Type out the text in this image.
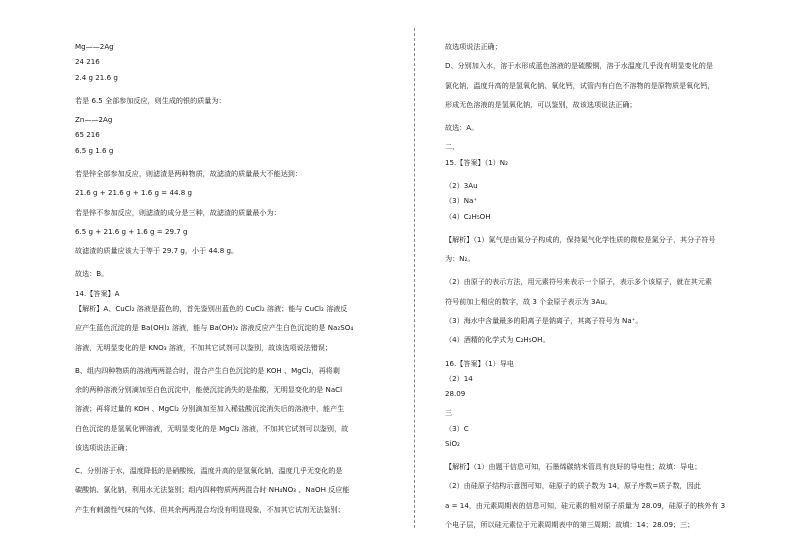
Mg——2Ag
24 216
2.4 g 21.6 g
若是 6.5 全部参加反应，则生成的银的质量为：
Zn——2Ag
65 216
6.5 g 1.6 g
若是锌全部参加反应，则滤渣是两种物质，故滤渣的质量最大不能达到：
21.6 g + 21.6 g + 1.6 g = 44.8 g
若是锌不参加反应，则滤渣的成分是三种，故滤渣的质量最小为：
6.5 g + 21.6 g + 1.6 g = 29.7 g
故滤渣的质量应该大于等于 29.7 g，小于 44.8 g。
故选：B。
14.【答案】A
【解析】A、CuCl₂ 溶液是蓝色的，首先鉴别出蓝色的 CuCl₂ 溶液；能与 CuCl₂ 溶液反
应产生蓝色沉淀的是 Ba(OH)₂ 溶液，能与 Ba(OH)₂ 溶液反应产生白色沉淀的是 Na₂SO₄
溶液，无明显变化的是 KNO₃ 溶液，不加其它试剂可以鉴别，故该选项说法错误；
B、组内四种物质的溶液两两混合时，混合产生白色沉淀的是 KOH 、MgCl₂，再将剩
余的两种溶液分别滴加至白色沉淀中，能使沉淀消失的是盐酸，无明显变化的是 NaCl
溶液；再将过量的 KOH 、MgCl₂ 分别滴加至加入稀盐酸沉淀消失后的溶液中，能产生
白色沉淀的是氢氧化钾溶液，无明显变化的是 MgCl₂ 溶液，不加其它试剂可以鉴别，故
该选项说法正确；
C、分别溶于水，温度降低的是硝酸铵，温度升高的是氢氧化钠，温度几乎无变化的是
碳酸钠、氯化钠，利用水无法鉴别；组内四种物质两两混合时 NH₄NO₃ 、NaOH 反应能
产生有刺激性气味的气体，但其余两两混合均没有明显现象，不加其它试剂无法鉴别；
故选项说法正确；
D、分别加入水，溶于水形成蓝色溶液的是硫酸铜，溶于水温度几乎没有明显变化的是
氯化钠，温度升高的是氢氧化钠、氧化钙，试管内有白色不溶物的是原物质是氧化钙，
形成无色溶液的是氢氧化钠，可以鉴别，故该选项说法正确；
故选：A。
二、
15.【答案】（1）N₂
（2）3Au
（3）Na⁺
（4）C₂H₅OH
【解析】（1）氮气是由氮分子构成的，保持氮气化学性质的微粒是氮分子，其分子符号
为：N₂。
（2）由原子的表示方法，用元素符号来表示一个原子，表示多个该原子，就在其元素
符号前加上相应的数字，故 3 个金原子表示为 3Au。
（3）海水中含量最多的阳离子是钠离子，其离子符号为 Na⁺。
（4）酒精的化学式为 C₂H₅OH。
16.【答案】（1）导电
（2）14
28.09
三
（3）C
SiO₂
【解析】（1）由题干信息可知，石墨烯碳纳米管具有良好的导电性；故填：导电；
（2）由硅原子结构示意图可知，硅原子的质子数为 14，原子序数=质子数，因此
a = 14，由元素周期表的信息可知，硅元素的相对原子质量为 28.09，硅原子的核外有 3
个电子层，所以硅元素位于元素周期表中的第三周期；故填：14；28.09；三；
